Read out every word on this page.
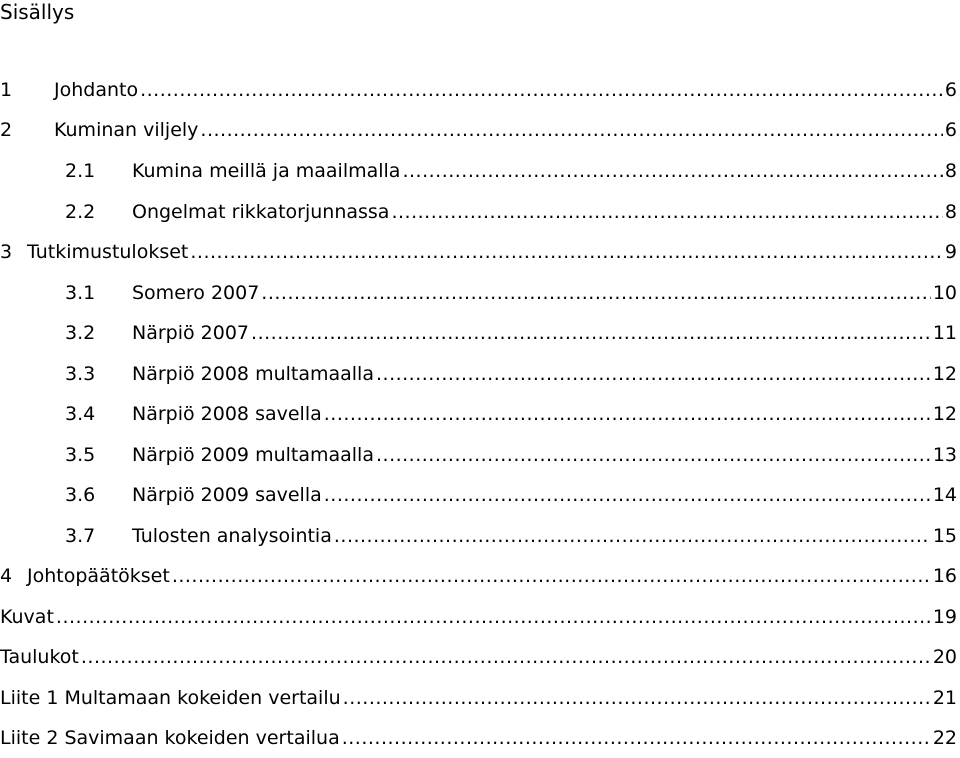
Sisällys
1	Johdanto .....	6
2	Kuminan viljely .....	6
2.1	Kumina meillä ja maailmalla .....	8
2.2	Ongelmat rikkatorjunnassa .....	8
3 Tutkimustulokset .....	9
3.1	Somero 2007 .....	10
3.2	Närpiö 2007 .....	11
3.3	Närpiö 2008 multamaalla .....	12
3.4	Närpiö 2008 savella .....	12
3.5	Närpiö 2009 multamaalla .....	13
3.6	Närpiö 2009 savella .....	14
3.7	Tulosten analysointia .....	15
4 Johtopäätökset .....	16
Kuvat .....	19
Taulukot .....	20
Liite 1 Multamaan kokeiden vertailu .....	21
Liite 2 Savimaan kokeiden vertailua .....	22
